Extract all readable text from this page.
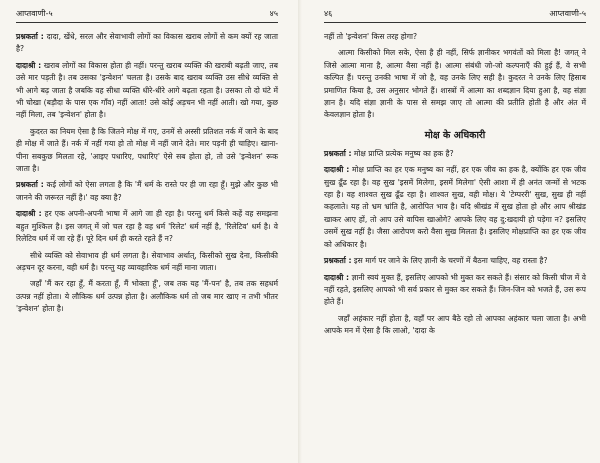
आप्तवाणी-५	४५

प्रश्नकर्ता : दादा, खेंधे, सरल और सेवाभावी लोगों का विकास खराब लोगों से कम क्यों रह जाता है?

दादाश्री : खराब लोगों का विकास होता ही नहीं। परन्तु खराब व्यक्ति की खराबी बढ़ती जाए, तब उसे मार पड़ती है। तब उसका 'इन्वेशन' चलता है। उसके बाद खराब व्यक्ति उस सीधे व्यक्ति से भी आगे बढ़ जाता है जबकि वह सीधा व्यक्ति धीरे-धीरे आगे बढ़ता रहता है। उसका तो दो घंटे में भी चोखा (बड़ौदा के पास एक गाँव) नहीं आता! उसे कोई अड़चन भी नहीं आती। खो गया, कुछ नहीं मिला, तब 'इन्वेशन' होता है।

कुदरत का नियम ऐसा है कि जितने मोक्ष में गए, उनमें से अस्सी प्रतिशत नर्क में जाने के बाद ही मोक्ष में जाते हैं। नर्क में नहीं गया हो तो मोक्ष में नहीं जाने देते। मार पड़नी ही चाहिए। खाना-पीना सबकुछ मिलता रहे, 'आइए पधारिए, पधारिए' ऐसे सब होता हो, तो उसे 'इन्वेशन' रूक जाता है।

प्रश्नकर्ता : कई लोगों को ऐसा लगता है कि 'मैं धर्म के रास्ते पर ही जा रहा हूँ। मुझे और कुछ भी जानने की जरूरत नहीं है।' वह क्या है?

दादाश्री : हर एक अपनी-अपनी भाषा में आगे जा ही रहा है। परन्तु धर्म किसे कहें वह समझना बहुत मुश्किल है। इस जगत् में जो चल रहा है वह धर्म 'रिलेट' धर्म नहीं है, 'रिलेटिव' धर्म है। वे रिलेटिव धर्म में जा रहे हैं। पूरे दिन धर्म ही करते रहते हैं न?

सीधे व्यक्ति को सेवाभाव ही धर्म लगता है। सेवाभाव अर्थात्, किसीको सुख देना, किसीकी अड़चन दूर करना, वही धर्म है। परन्तु यह व्यावहारिक धर्म नहीं माना जाता।

जहाँ 'मैं कर रहा हूँ, मैं करता हूँ, मैं भोक्ता हूँ', जब तक यह 'मैं-पन' है, तब तक सहधर्म उत्पन्न नहीं होता। ये लौकिक धर्म उत्पन्न होता है। अलौकिक धर्म तो जब मार खाए न तभी भीतर 'इन्वेशन' होता है।

४६	आप्तवाणी-५

नहीं तो 'इन्वेशन' किस तरह होगा?

आत्मा किसीको मिल सके, ऐसा है ही नहीं, सिर्फ ज्ञानीकर भगवंतों को मिला है! जगत् ने जिसे आत्मा माना है, आत्मा वैसा नहीं है। आत्मा संबंधी जो-जो कल्पनाएँ की हुई हैं, वे सभी कल्पित हैं। परन्तु उनकी भाषा में जो है, वह उनके लिए सही है। कुदरत ने उनके लिए हिसाब प्रमाणित किया है, उस अनुसार भोगते हैं। शास्त्रों में आत्मा का शब्दज्ञान दिया हुआ है, वह संज्ञा ज्ञान है। यदि संज्ञा ज्ञानी के पास से समझ जाए तो आत्मा की प्रतीति होती है और अंत में केवलज्ञान होता है।

मोक्ष के अधिकारी

प्रश्नकर्ता : मोक्ष प्राप्ति प्रत्येक मनुष्य का हक है?

दादाश्री : मोक्ष प्राप्ति का हर एक मनुष्य का नहीं, हर एक जीव का हक है, क्योंकि हर एक जीव सुख ढूँढ रहा है। वह सुख 'इसमें मिलेगा, इसमें मिलेगा' ऐसी आशा में ही अनंत जन्मों से भटक रहा है। वह शाश्वत सुख ढूँढ रहा है। शाश्वत सुख, वही मोक्ष। ये 'टेम्पररी' सुख, सुख ही नहीं कहलाते। यह तो भ्रम भ्रांति है, आरोपित भाव है। यदि श्रीखंड में सुख होता हो और आप श्रीखंड खाकर आए हों, तो आप उसे वापिस खाओगे? आपके लिए वह दु:खदायी हो पड़ेगा न? इसलिए उसमें सुख नहीं है। जैसा आरोपण करो वैसा सुख मिलता है। इसलिए मोक्षप्राप्ति का हर एक जीव को अधिकार है।

प्रश्नकर्ता : इस मार्ग पर जाने के लिए ज्ञानी के चरणों में बैठना चाहिए, वह रास्ता है?

दादाश्री : ज्ञानी स्वयं मुक्त हैं, इसलिए आपको भी मुक्त कर सकते हैं। संसार को किसी चीज में वे नहीं रहते, इसलिए आपको भी सर्व प्रकार से मुक्त कर सकते हैं। जिन-जिन को भजते हैं, उस रूप होते हैं।

जहाँ अहंकार नहीं होता है, वहाँ पर आप बैठे रहो तो आपका अहंकार चला जाता है। अभी आपके मन में ऐसा है कि लाओ, 'दादा के
